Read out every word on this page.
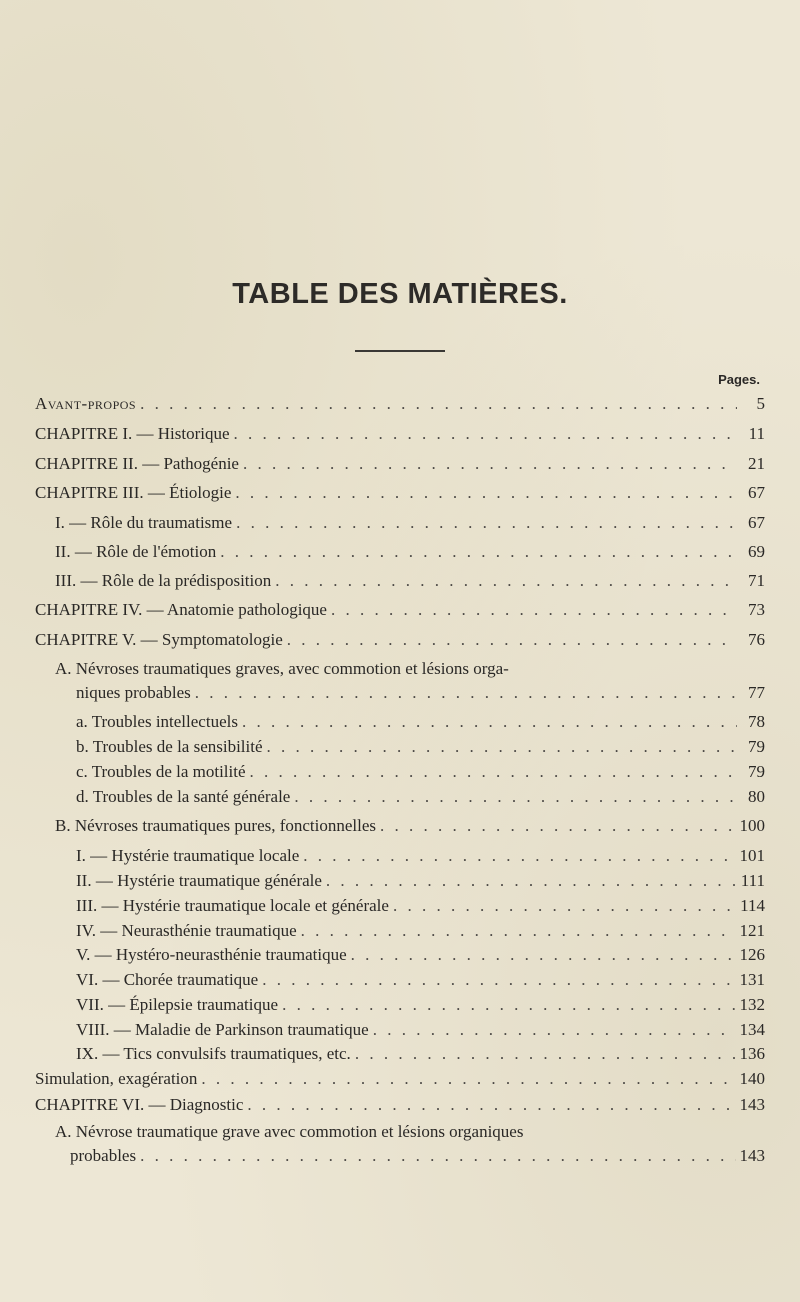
TABLE DES MATIÈRES.
Pages.
Avant-propos . . .	5
CHAPITRE I. — Historique . . .	11
CHAPITRE II. — Pathogénie . . .	21
CHAPITRE III. — Étiologie . . .	67
I. — Rôle du traumatisme . . .	67
II. — Rôle de l'émotion . . .	69
III. — Rôle de la prédisposition . . .	71
CHAPITRE IV. — Anatomie pathologique . . .	73
CHAPITRE V. — Symptomatologie . . .	76
A. Névroses traumatiques graves, avec commotion et lésions orga-
niques probables . . .	77
a. Troubles intellectuels . . .	78
b. Troubles de la sensibilité . . .	79
c. Troubles de la motilité . . .	79
d. Troubles de la santé générale . . .	80
B. Névroses traumatiques pures, fonctionnelles . . .	100
I. — Hystérie traumatique locale . . .	101
II. — Hystérie traumatique générale . . .	111
III. — Hystérie traumatique locale et générale . . .	114
IV. — Neurasthénie traumatique . . .	121
V. — Hystéro-neurasthénie traumatique . . .	126
VI. — Chorée traumatique . . .	131
VII. — Épilepsie traumatique . . .	132
VIII. — Maladie de Parkinson traumatique . . .	134
IX. — Tics convulsifs traumatiques, etc. . . .	136
Simulation, exagération . . .	140
CHAPITRE VI. — Diagnostic . . .	143
A. Névrose traumatique grave avec commotion et lésions organiques
probables . . .	143
